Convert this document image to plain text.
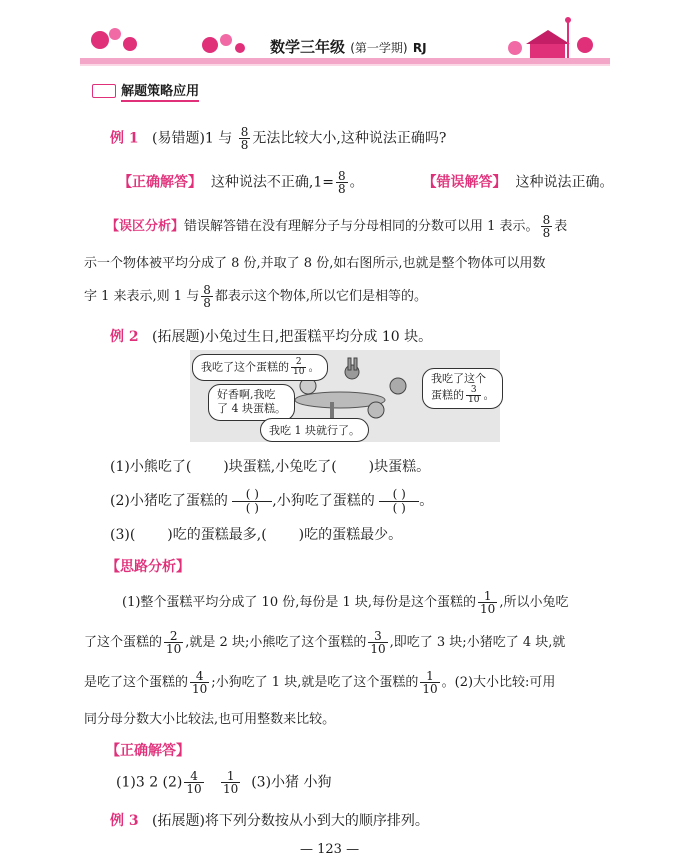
数学三年级 (第一学期) RJ
解题策略应用
例 1 (易错题)1 与 $\frac{8}{8}$ 无法比较大小,这种说法正确吗?
【正确解答】 这种说法不正确$,1= \frac{8}{8}$ 。	【错误解答】 这种说法正确。
【误区分析】错误解答错在没有理解分子与分母相同的分数可以用 1 表示。 $\frac{8}{8}$ 表
示一个物体被平均分成了 8 份,并取了 8 份,如右图所示,也就是整个物体可以用数
字 1 来表示,则 1 与 $\frac{8}{8}$ 都表示这个物体,所以它们是相等的。
例 2 (拓展题)小兔过生日,把蛋糕平均分成 10 块。
我吃了这个蛋糕的 $\frac{2}{10}$ 。
好香啊,我吃
了 4 块蛋糕。
我吃了这个
蛋糕的 $\frac{3}{10}$ 。
我吃 1 块就行了。
(1)小熊吃了( )块蛋糕,小兔吃了( )块蛋糕。
(2)小猪吃了蛋糕的 ( )
( ) ,小狗吃了蛋糕的 ( )
( ) 。
(3)( )吃的蛋糕最多,( )吃的蛋糕最少。
【思路分析】
(1)整个蛋糕平均分成了 10 份,每份是 1 块,每份是这个蛋糕的 $\frac{1}{10}$ ,所以小兔吃
了这个蛋糕的 $\frac{2}{10}$ ,就是 2 块;小熊吃了这个蛋糕的 $\frac{3}{10}$ ,即吃了 3 块;小猪吃了 4 块,就
是吃了这个蛋糕的 $\frac{4}{10}$ ;小狗吃了 1 块,就是吃了这个蛋糕的 $\frac{1}{10}$ 。(2)大小比较:可用
同分母分数大小比较法,也可用整数来比较。
【正确解答】
(1)3 2 $(2) \frac{4}{10}$
$\frac{1}{10} (3)$小猪 小狗
例 3 (拓展题)将下列分数按从小到大的顺序排列。
— 123 —
